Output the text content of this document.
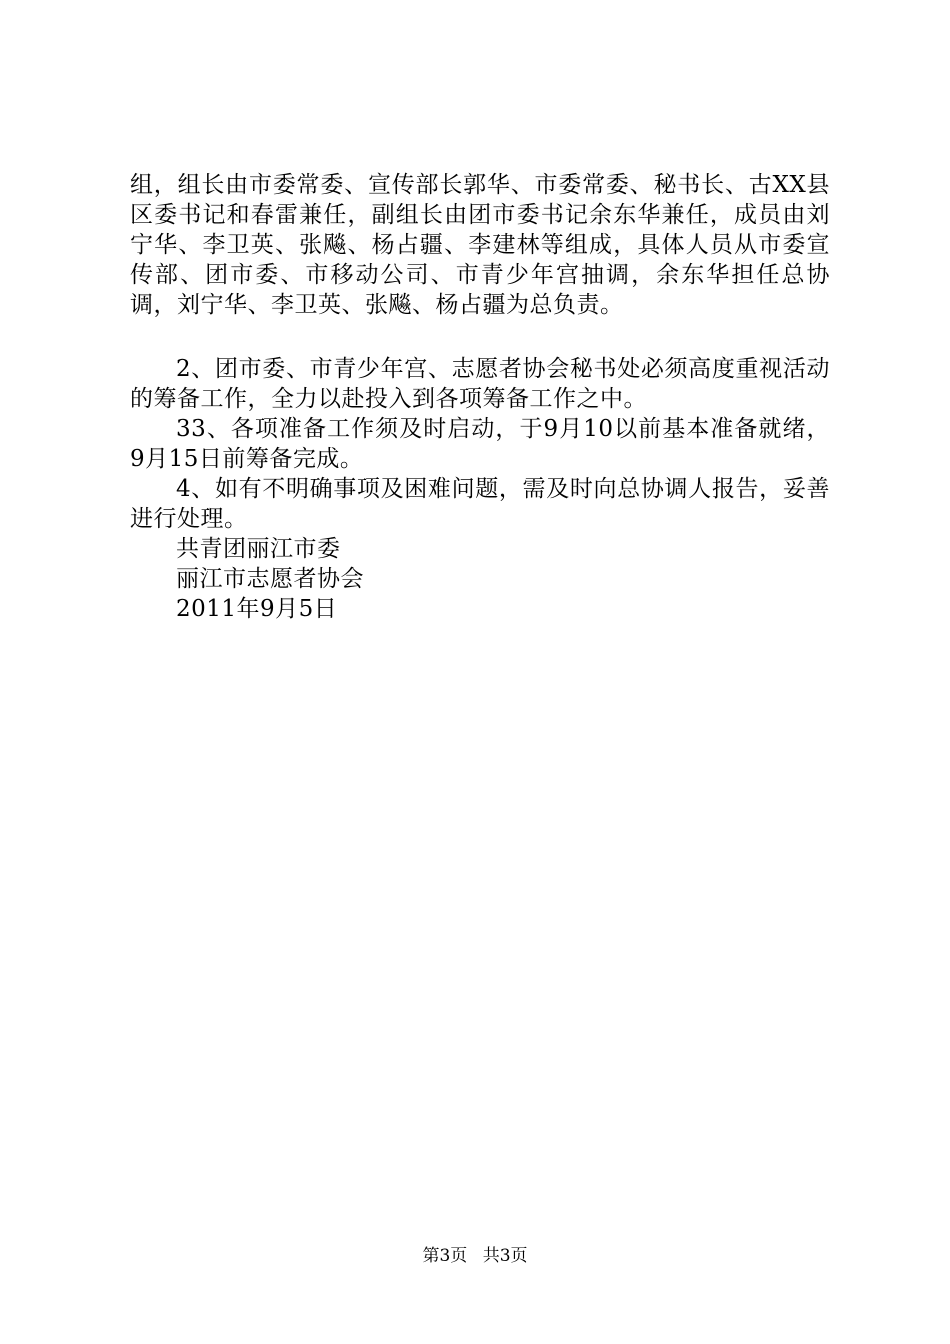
组，组长由市委常委、宣传部长郭华、市委常委、秘书长、古XX县区委书记和春雷兼任，副组长由团市委书记余东华兼任，成员由刘宁华、李卫英、张飚、杨占疆、李建林等组成，具体人员从市委宣传部、团市委、市移动公司、市青少年宫抽调，余东华担任总协调，刘宁华、李卫英、张飚、杨占疆为总负责。

2、团市委、市青少年宫、志愿者协会秘书处必须高度重视活动的筹备工作，全力以赴投入到各项筹备工作之中。

33、各项准备工作须及时启动，于9月10以前基本准备就绪，9月15日前筹备完成。

4、如有不明确事项及困难问题，需及时向总协调人报告，妥善进行处理。

共青团丽江市委

丽江市志愿者协会

2011年9月5日

第3页 共3页
